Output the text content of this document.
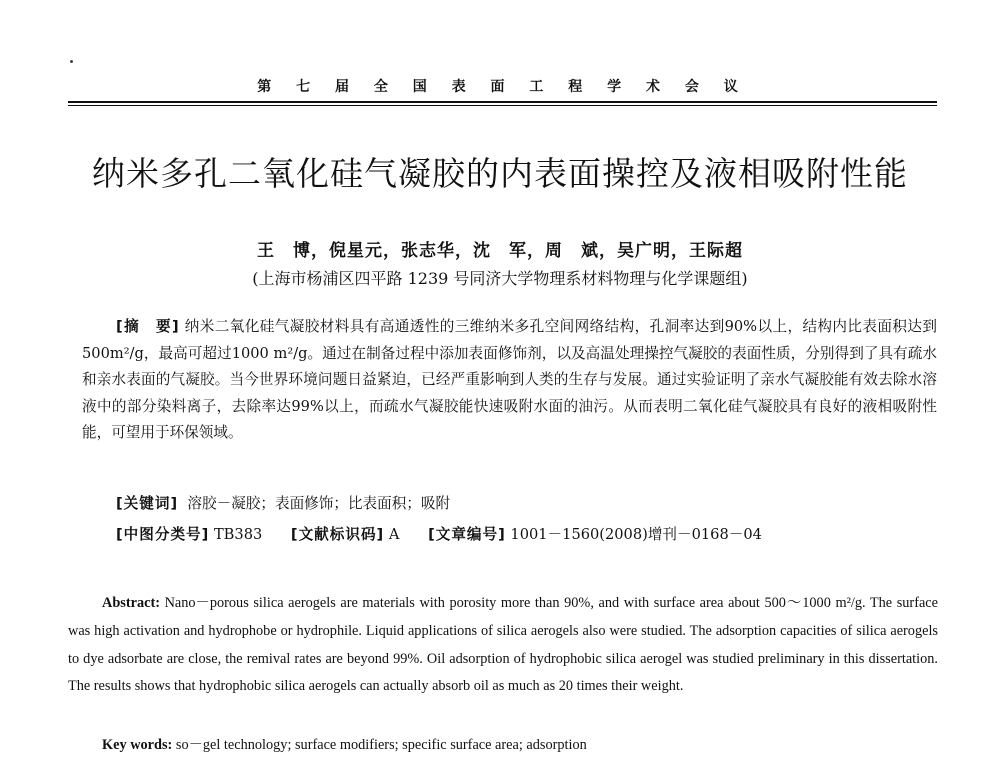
第 七 届 全 国 表 面 工 程 学 术 会 议
纳米多孔二氧化硅气凝胶的内表面操控及液相吸附性能
王　博，倪星元，张志华，沈　军，周　斌，吴广明，王际超
(上海市杨浦区四平路 1239 号同济大学物理系材料物理与化学课题组)
[摘　要] 纳米二氧化硅气凝胶材料具有高通透性的三维纳米多孔空间网络结构，孔洞率达到90%以上，结构内比表面积达到500m²/g，最高可超过1000 m²/g。通过在制备过程中添加表面修饰剂，以及高温处理操控气凝胶的表面性质，分别得到了具有疏水和亲水表面的气凝胶。当今世界环境问题日益紧迫，已经严重影响到人类的生存与发展。通过实验证明了亲水气凝胶能有效去除水溶液中的部分染料离子，去除率达99%以上，而疏水气凝胶能快速吸附水面的油污。从而表明二氧化硅气凝胶具有良好的液相吸附性能，可望用于环保领域。
[关键词] 溶胶－凝胶；表面修饰；比表面积；吸附
[中图分类号] TB383 [文献标识码] A [文章编号] 1001－1560(2008)增刊－0168－04
Abstract: Nano－porous silica aerogels are materials with porosity more than 90%, and with surface area about 500～1000 m²/g. The surface was high activation and hydrophobe or hydrophile. Liquid applications of silica aerogels also were studied. The adsorption capacities of silica aerogels to dye adsorbate are close, the remival rates are beyond 99%. Oil adsorption of hydrophobic silica aerogel was studied preliminary in this dissertation. The results shows that hydrophobic silica aerogels can actually absorb oil as much as 20 times their weight.
Key words: so－gel technology; surface modifiers; specific surface area; adsorption
